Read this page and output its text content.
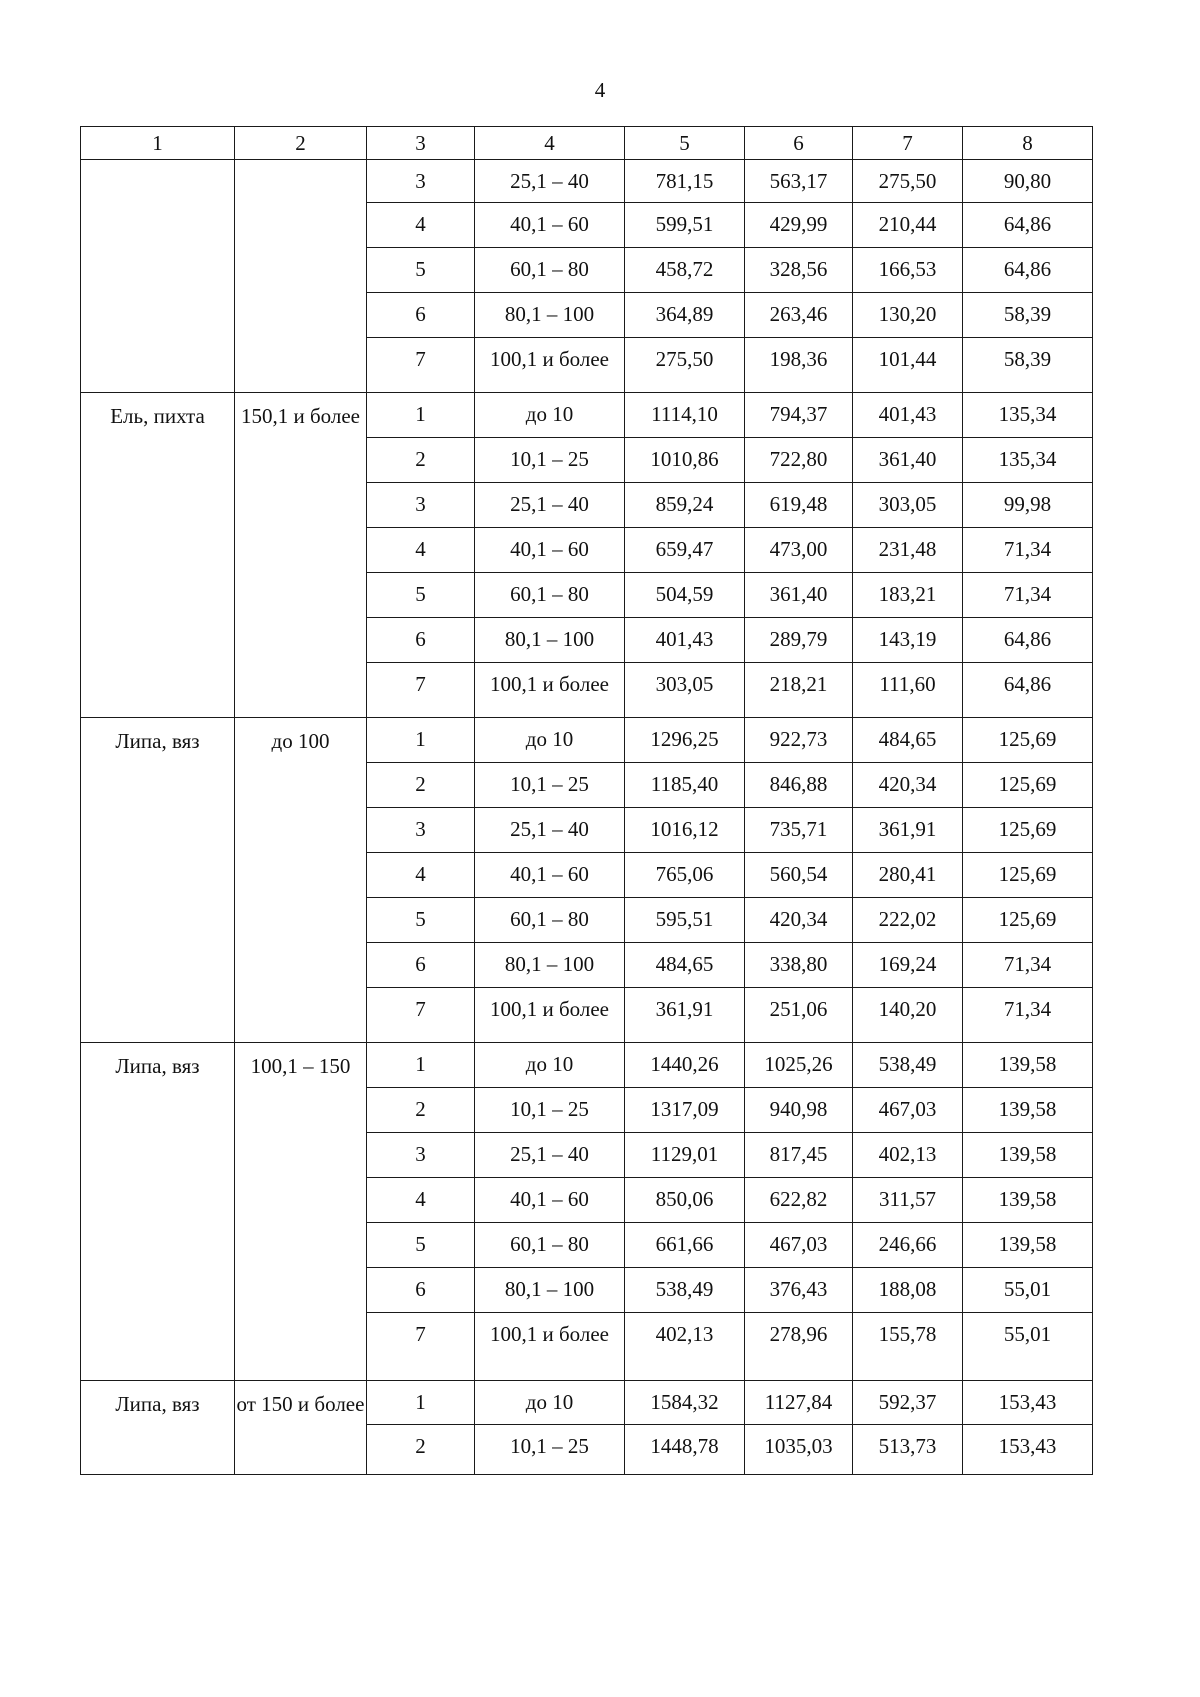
4
1	2	3	4	5	6	7	8
		3	25,1 – 40	781,15	563,17	275,50	90,80
		4	40,1 – 60	599,51	429,99	210,44	64,86
		5	60,1 – 80	458,72	328,56	166,53	64,86
		6	80,1 – 100	364,89	263,46	130,20	58,39
		7	100,1 и более	275,50	198,36	101,44	58,39
Ель, пихта	150,1 и более	1	до 10	1114,10	794,37	401,43	135,34
		2	10,1 – 25	1010,86	722,80	361,40	135,34
		3	25,1 – 40	859,24	619,48	303,05	99,98
		4	40,1 – 60	659,47	473,00	231,48	71,34
		5	60,1 – 80	504,59	361,40	183,21	71,34
		6	80,1 – 100	401,43	289,79	143,19	64,86
		7	100,1 и более	303,05	218,21	111,60	64,86
Липа, вяз	до 100	1	до 10	1296,25	922,73	484,65	125,69
		2	10,1 – 25	1185,40	846,88	420,34	125,69
		3	25,1 – 40	1016,12	735,71	361,91	125,69
		4	40,1 – 60	765,06	560,54	280,41	125,69
		5	60,1 – 80	595,51	420,34	222,02	125,69
		6	80,1 – 100	484,65	338,80	169,24	71,34
		7	100,1 и более	361,91	251,06	140,20	71,34
Липа, вяз	100,1 – 150	1	до 10	1440,26	1025,26	538,49	139,58
		2	10,1 – 25	1317,09	940,98	467,03	139,58
		3	25,1 – 40	1129,01	817,45	402,13	139,58
		4	40,1 – 60	850,06	622,82	311,57	139,58
		5	60,1 – 80	661,66	467,03	246,66	139,58
		6	80,1 – 100	538,49	376,43	188,08	55,01
		7	100,1 и более	402,13	278,96	155,78	55,01
Липа, вяз	от 150 и более	1	до 10	1584,32	1127,84	592,37	153,43
		2	10,1 – 25	1448,78	1035,03	513,73	153,43
